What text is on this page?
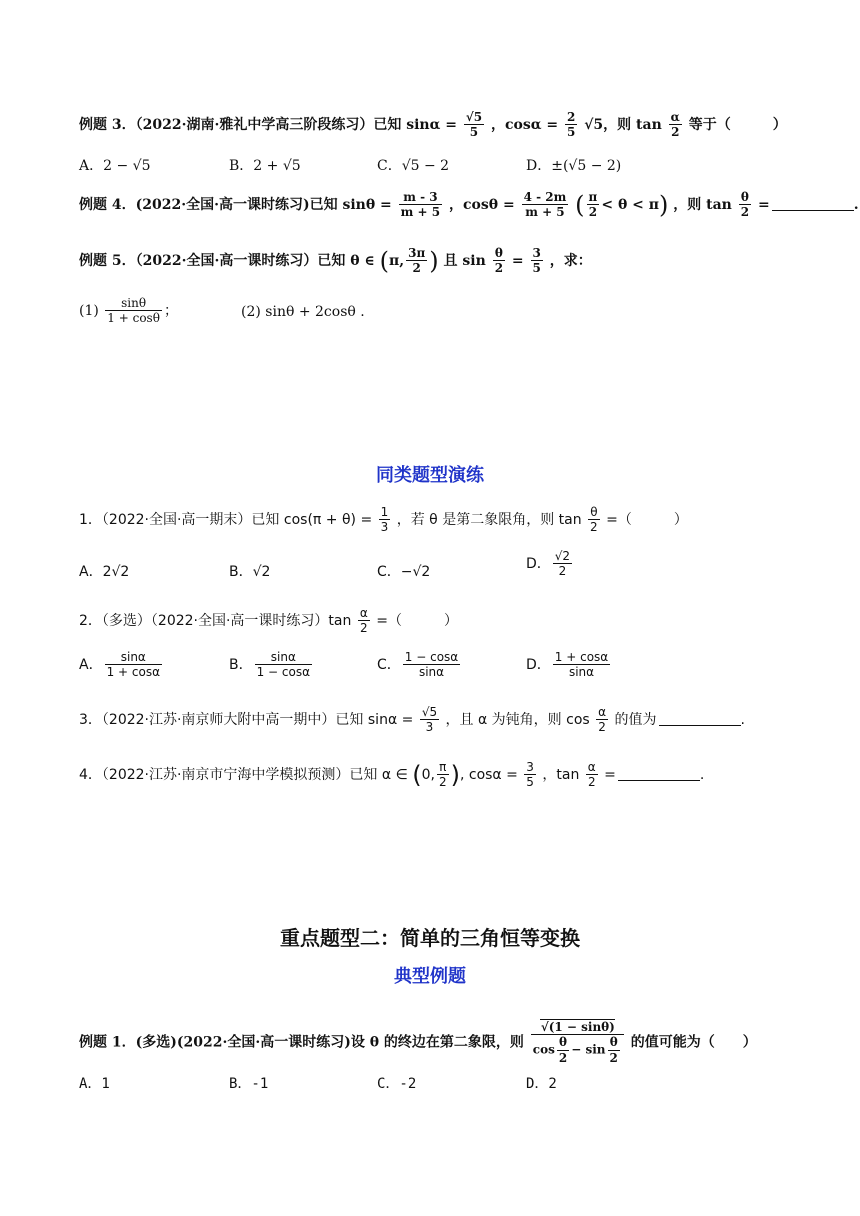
例题 3．（2022·湖南·雅礼中学高三阶段练习）已知 $\sin\alpha = \frac{√5}{5}$ ，$\cos\alpha = \frac{2}{5} √5$，则 $\tan \frac{\alpha}{2}$ 等于（　　　）
A．2 − √5	B．2 + √5	C．√5 − 2	D．±(√5 − 2)
例题 4．(2022·全国·高一课时练习)已知 $\sin\theta = \frac{m - 3}{m + 5}$ ，$\cos\theta = \frac{4 - 2m}{m + 5}$ ( $\frac{\pi}{2} < \theta < \pi$) ，则 $\tan \frac{\theta}{2}$ =	.
例题 5．（2022·全国·高一课时练习）已知 θ ∈ (π, $\frac{3\pi}{2}$ ) 且 $\sin \frac{\theta}{2} = \frac{3}{5}$ ，求：
$(1) \frac{\sin\theta}{1 + \cos\theta}$ ；	(2) sinθ + 2cosθ .
同类题型演练
1．（2022·全国·高一期末）已知 $\cos(\pi + \theta) = \frac{1}{3}$ ，若 θ 是第二象限角，则 $\tan \frac{\theta}{2}$ =（　　　）
A．2√2	B．√2	C．−√2
D． $\frac{√2}{2}$
2．（多选）（2022·全国·高一课时练习）$\tan \frac{\alpha}{2}$ =（　　　）
A． $\frac{\sin\alpha}{1 + \cos\alpha}$	B． $\frac{\sin\alpha}{1 - \cos\alpha}$	C． $\frac{1 - \cos\alpha}{\sin\alpha}$	D． $\frac{1 + \cos\alpha}{\sin\alpha}$
3．（2022·江苏·南京师大附中高一期中）已知 $\sin\alpha = \frac{√5}{3}$ ，且 α 为钝角，则 $\cos \frac{\alpha}{2}$ 的值为	.
4．（2022·江苏·南京市宁海中学模拟预测）已知 α ∈ (0, $\frac{\pi}{2}$ ), $\cos\alpha = \frac{3}{5}$ ，$\tan \frac{\alpha}{2}$ =	.
重点题型二：简单的三角恒等变换
典型例题
例题 1．(多选)(2022·全国·高一课时练习)设 θ 的终边在第二象限，则 $\frac{√(1 - \sin\theta)}{\cos \frac{\theta}{2} - \sin \frac{\theta}{2}}$ 的值可能为（　　）
A．1	B．-1	C．-2	D．2
